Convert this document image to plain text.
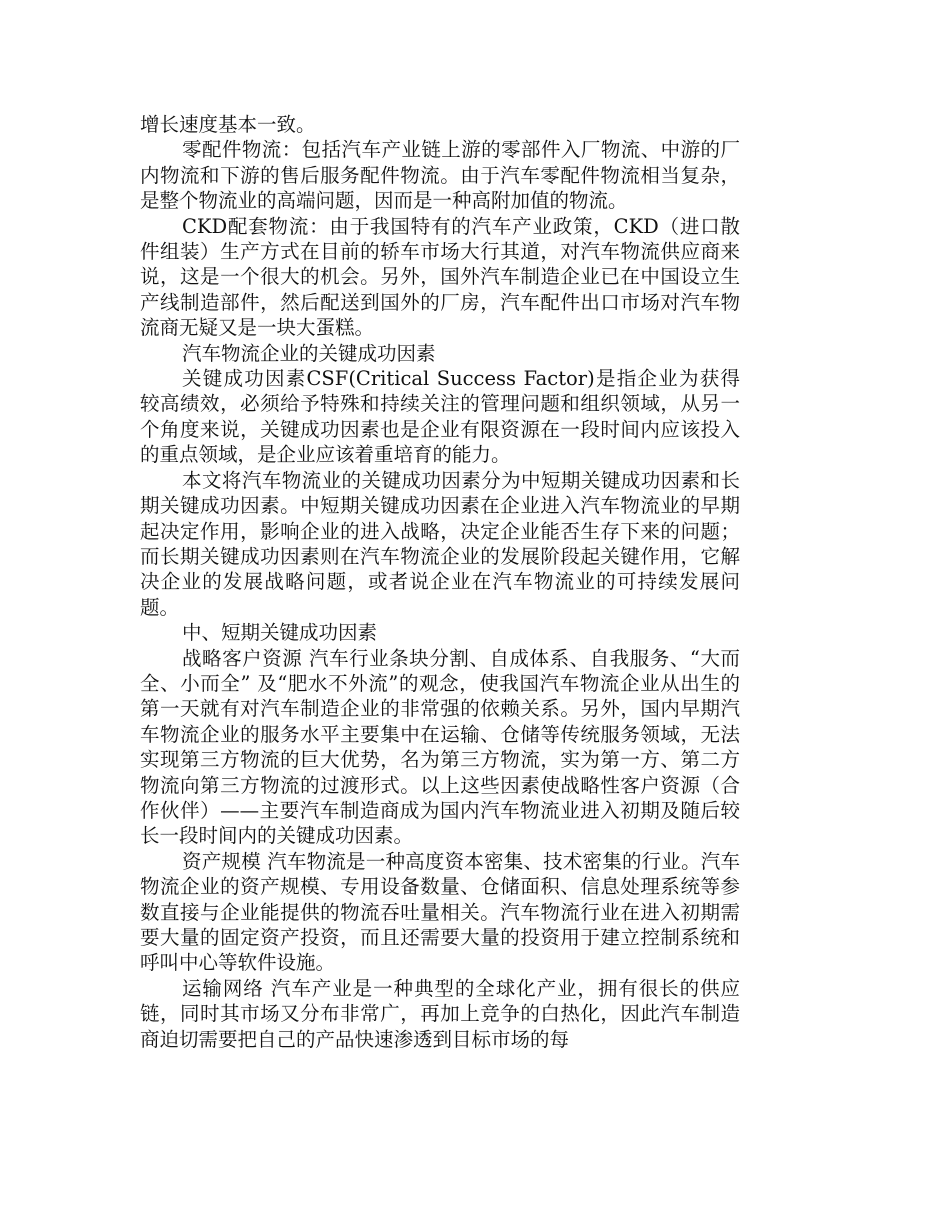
增长速度基本一致。

零配件物流：包括汽车产业链上游的零部件入厂物流、中游的厂内物流和下游的售后服务配件物流。由于汽车零配件物流相当复杂，是整个物流业的高端问题，因而是一种高附加值的物流。

CKD配套物流：由于我国特有的汽车产业政策，CKD（进口散件组装）生产方式在目前的轿车市场大行其道，对汽车物流供应商来说，这是一个很大的机会。另外，国外汽车制造企业已在中国设立生产线制造部件，然后配送到国外的厂房，汽车配件出口市场对汽车物流商无疑又是一块大蛋糕。

汽车物流企业的关键成功因素

关键成功因素CSF(Critical Success Factor)是指企业为获得较高绩效，必须给予特殊和持续关注的管理问题和组织领域，从另一个角度来说，关键成功因素也是企业有限资源在一段时间内应该投入的重点领域，是企业应该着重培育的能力。

本文将汽车物流业的关键成功因素分为中短期关键成功因素和长期关键成功因素。中短期关键成功因素在企业进入汽车物流业的早期起决定作用，影响企业的进入战略，决定企业能否生存下来的问题；而长期关键成功因素则在汽车物流企业的发展阶段起关键作用，它解决企业的发展战略问题，或者说企业在汽车物流业的可持续发展问题。

中、短期关键成功因素

战略客户资源 汽车行业条块分割、自成体系、自我服务、“大而全、小而全” 及“肥水不外流”的观念，使我国汽车物流企业从出生的第一天就有对汽车制造企业的非常强的依赖关系。另外，国内早期汽车物流企业的服务水平主要集中在运输、仓储等传统服务领域，无法实现第三方物流的巨大优势，名为第三方物流，实为第一方、第二方物流向第三方物流的过渡形式。以上这些因素使战略性客户资源（合作伙伴）——主要汽车制造商成为国内汽车物流业进入初期及随后较长一段时间内的关键成功因素。

资产规模 汽车物流是一种高度资本密集、技术密集的行业。汽车物流企业的资产规模、专用设备数量、仓储面积、信息处理系统等参数直接与企业能提供的物流吞吐量相关。汽车物流行业在进入初期需要大量的固定资产投资，而且还需要大量的投资用于建立控制系统和呼叫中心等软件设施。

运输网络 汽车产业是一种典型的全球化产业，拥有很长的供应链，同时其市场又分布非常广，再加上竞争的白热化，因此汽车制造商迫切需要把自己的产品快速渗透到目标市场的每
